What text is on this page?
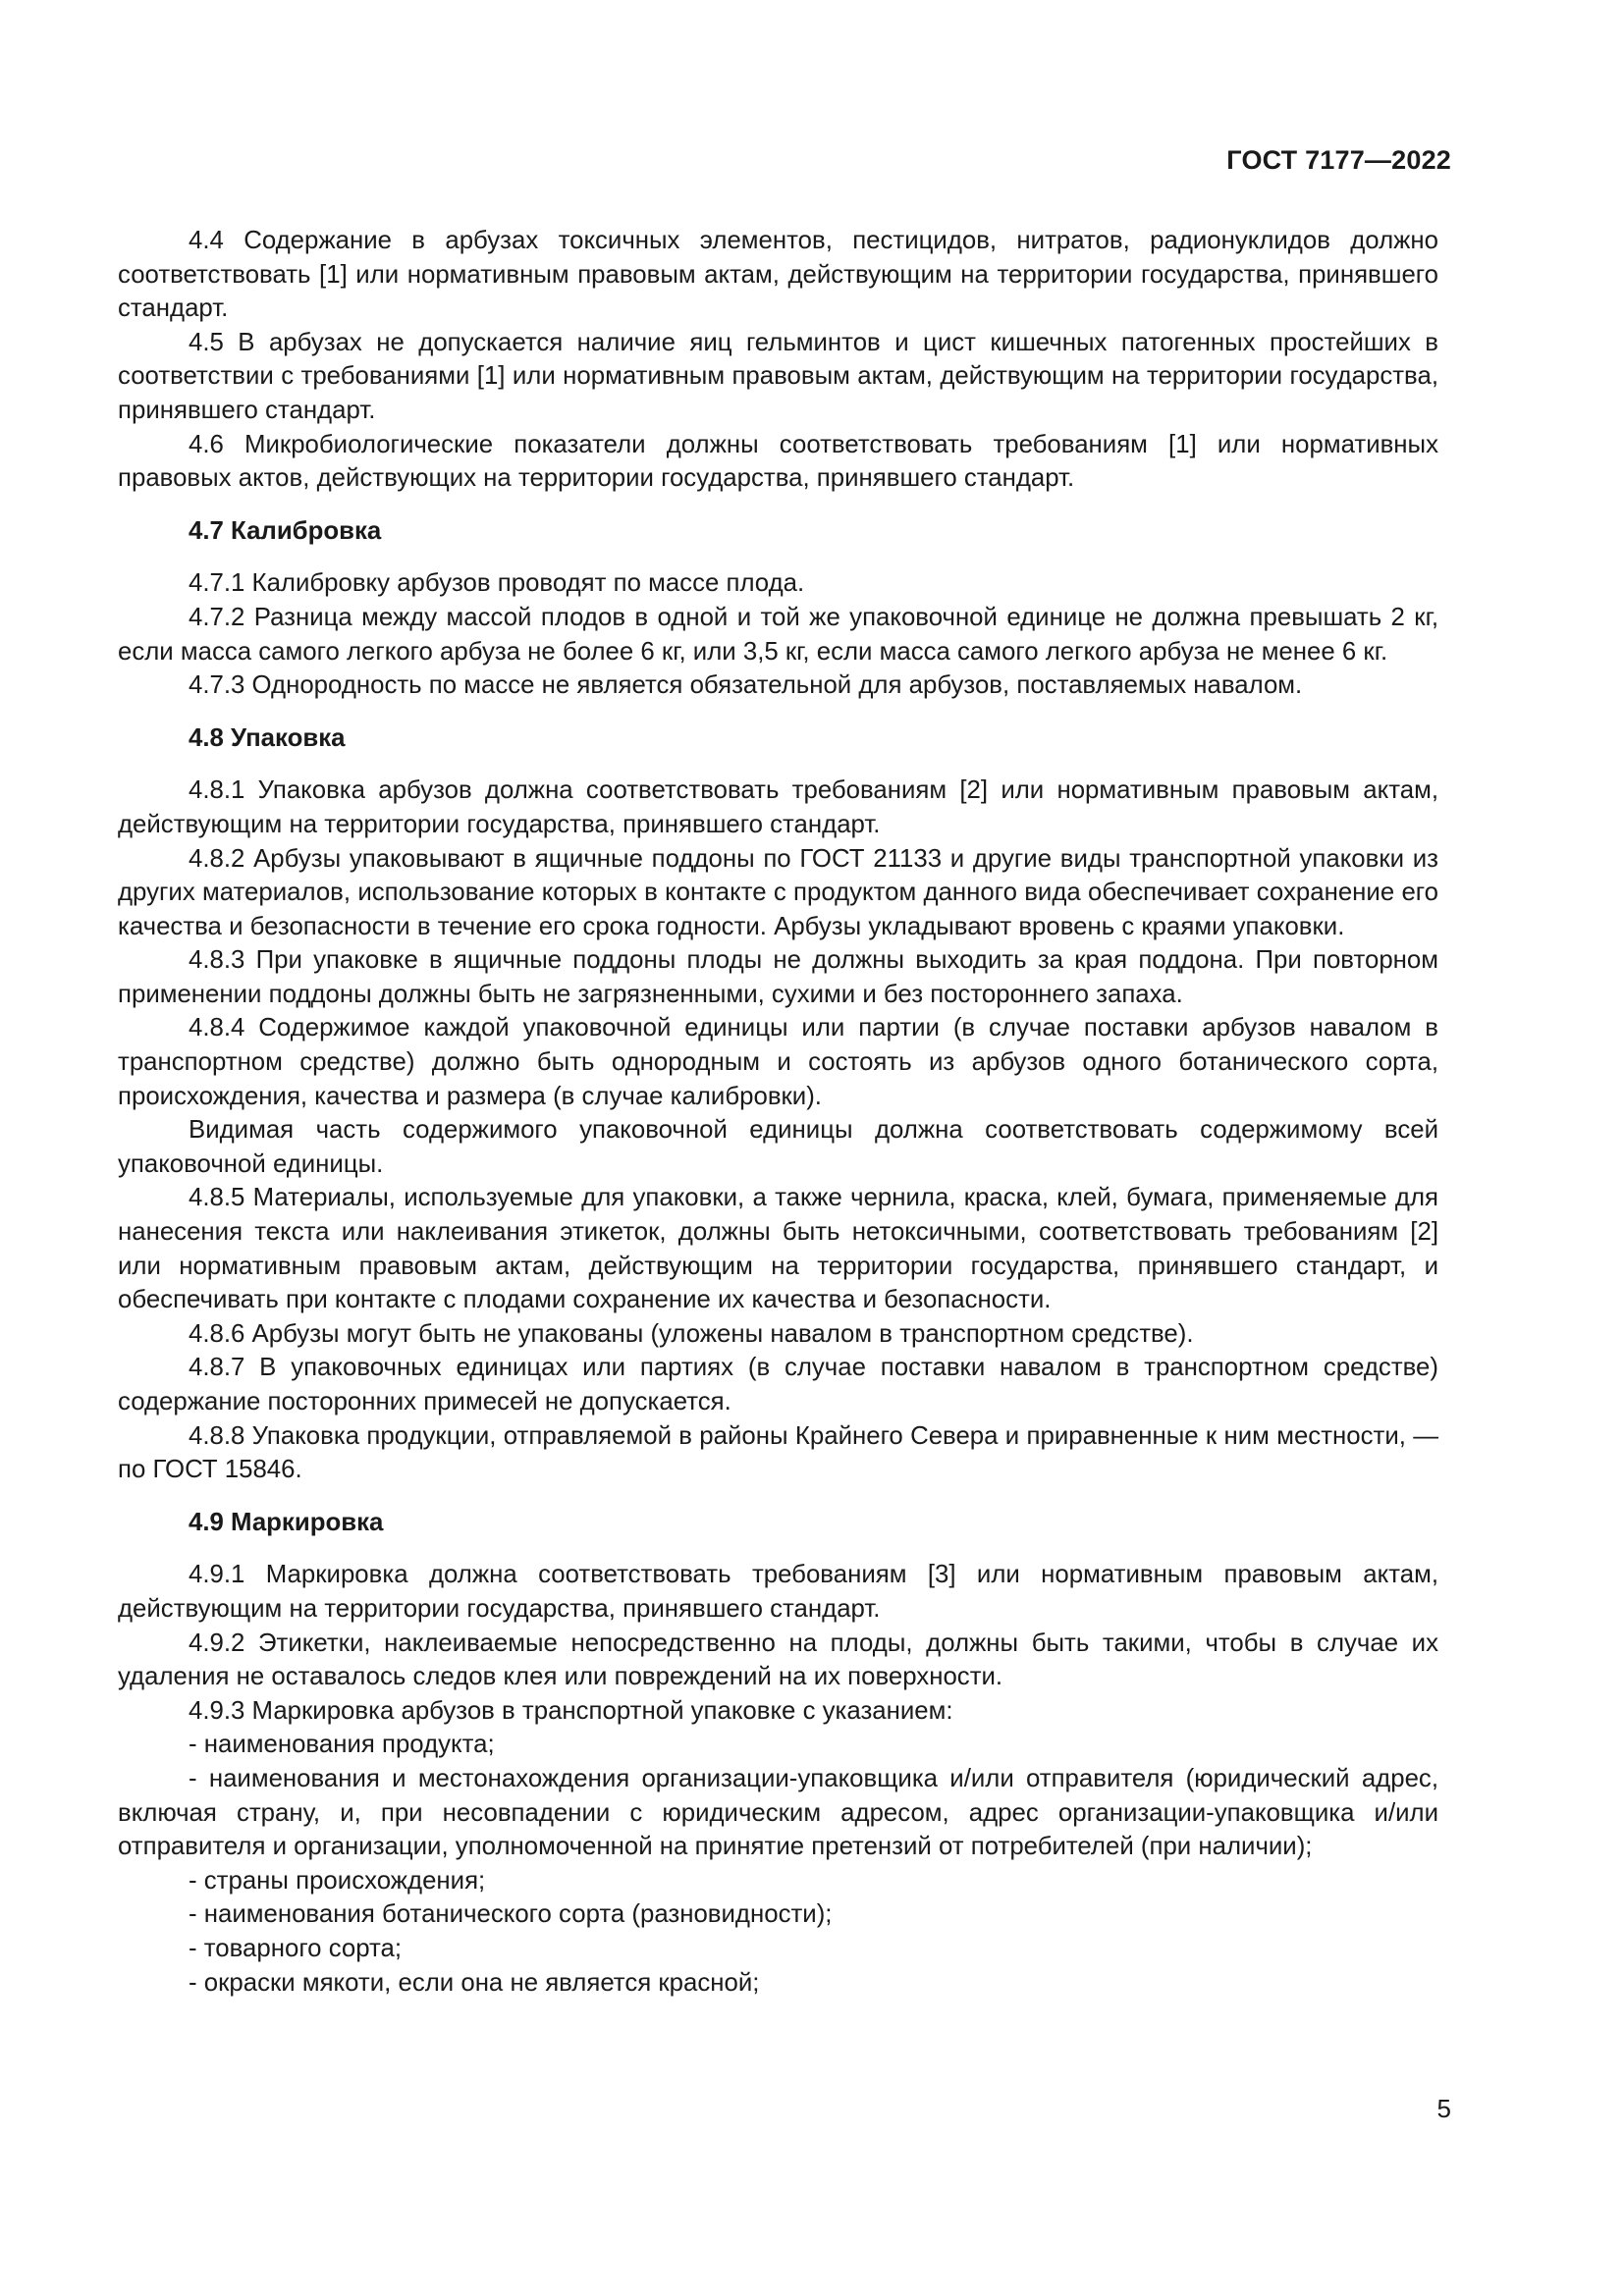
ГОСТ 7177—2022

4.4 Содержание в арбузах токсичных элементов, пестицидов, нитратов, радионуклидов должно соответствовать [1] или нормативным правовым актам, действующим на территории государства, принявшего стандарт.

4.5 В арбузах не допускается наличие яиц гельминтов и цист кишечных патогенных простейших в соответствии с требованиями [1] или нормативным правовым актам, действующим на территории государства, принявшего стандарт.

4.6 Микробиологические показатели должны соответствовать требованиям [1] или нормативных правовых актов, действующих на территории государства, принявшего стандарт.

4.7 Калибровка

4.7.1 Калибровку арбузов проводят по массе плода.

4.7.2 Разница между массой плодов в одной и той же упаковочной единице не должна превышать 2 кг, если масса самого легкого арбуза не более 6 кг, или 3,5 кг, если масса самого легкого арбуза не менее 6 кг.

4.7.3 Однородность по массе не является обязательной для арбузов, поставляемых навалом.

4.8 Упаковка

4.8.1 Упаковка арбузов должна соответствовать требованиям [2] или нормативным правовым актам, действующим на территории государства, принявшего стандарт.

4.8.2 Арбузы упаковывают в ящичные поддоны по ГОСТ 21133 и другие виды транспортной упаковки из других материалов, использование которых в контакте с продуктом данного вида обеспечивает сохранение его качества и безопасности в течение его срока годности. Арбузы укладывают вровень с краями упаковки.

4.8.3 При упаковке в ящичные поддоны плоды не должны выходить за края поддона. При повторном применении поддоны должны быть не загрязненными, сухими и без постороннего запаха.

4.8.4 Содержимое каждой упаковочной единицы или партии (в случае поставки арбузов навалом в транспортном средстве) должно быть однородным и состоять из арбузов одного ботанического сорта, происхождения, качества и размера (в случае калибровки).

Видимая часть содержимого упаковочной единицы должна соответствовать содержимому всей упаковочной единицы.

4.8.5 Материалы, используемые для упаковки, а также чернила, краска, клей, бумага, применяемые для нанесения текста или наклеивания этикеток, должны быть нетоксичными, соответствовать требованиям [2] или нормативным правовым актам, действующим на территории государства, принявшего стандарт, и обеспечивать при контакте с плодами сохранение их качества и безопасности.

4.8.6 Арбузы могут быть не упакованы (уложены навалом в транспортном средстве).

4.8.7 В упаковочных единицах или партиях (в случае поставки навалом в транспортном средстве) содержание посторонних примесей не допускается.

4.8.8 Упаковка продукции, отправляемой в районы Крайнего Севера и приравненные к ним местности, — по ГОСТ 15846.

4.9 Маркировка

4.9.1 Маркировка должна соответствовать требованиям [3] или нормативным правовым актам, действующим на территории государства, принявшего стандарт.

4.9.2 Этикетки, наклеиваемые непосредственно на плоды, должны быть такими, чтобы в случае их удаления не оставалось следов клея или повреждений на их поверхности.

4.9.3 Маркировка арбузов в транспортной упаковке с указанием:

- наименования продукта;

- наименования и местонахождения организации-упаковщика и/или отправителя (юридический адрес, включая страну, и, при несовпадении с юридическим адресом, адрес организации-упаковщика и/или отправителя и организации, уполномоченной на принятие претензий от потребителей (при наличии);

- страны происхождения;

- наименования ботанического сорта (разновидности);

- товарного сорта;

- окраски мякоти, если она не является красной;

5
